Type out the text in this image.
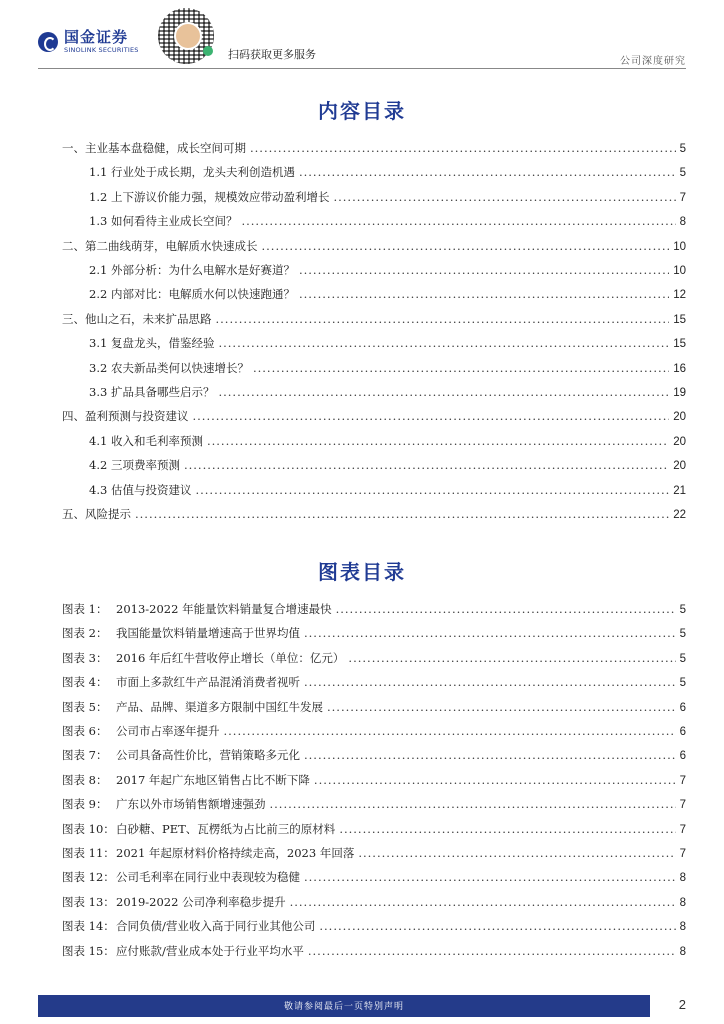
国金证券
SINOLINK SECURITIES	扫码获取更多服务
公司深度研究
内容目录
一、主业基本盘稳健，成长空间可期 .....	5
1.1 行业处于成长期，龙头夫利创造机遇 .....	5
1.2 上下游议价能力强，规模效应带动盈利增长 .....	7
1.3 如何看待主业成长空间？ .....	8
二、第二曲线萌芽，电解质水快速成长 .....	10
2.1 外部分析：为什么电解水是好赛道？ .....	10
2.2 内部对比：电解质水何以快速跑通？ .....	12
三、他山之石，未来扩品思路 .....	15
3.1 复盘龙头，借鉴经验 .....	15
3.2 农夫新品类何以快速增长？ .....	16
3.3 扩品具备哪些启示？ .....	19
四、盈利预测与投资建议 .....	20
4.1 收入和毛利率预测 .....	20
4.2 三项费率预测 .....	20
4.3 估值与投资建议 .....	21
五、风险提示 .....	22
图表目录
图表 1： 2013-2022 年能量饮料销量复合增速最快 .....	5
图表 2： 我国能量饮料销量增速高于世界均值 .....	5
图表 3： 2016 年后红牛营收停止增长（单位：亿元） .....	5
图表 4： 市面上多款红牛产品混淆消费者视听 .....	5
图表 5： 产品、品牌、渠道多方限制中国红牛发展 .....	6
图表 6： 公司市占率逐年提升 .....	6
图表 7： 公司具备高性价比，营销策略多元化 .....	6
图表 8： 2017 年起广东地区销售占比不断下降 .....	7
图表 9： 广东以外市场销售额增速强劲 .....	7
图表 10： 白砂糖、PET、瓦楞纸为占比前三的原材料 .....	7
图表 11： 2021 年起原材料价格持续走高，2023 年回落 .....	7
图表 12： 公司毛利率在同行业中表现较为稳健 .....	8
图表 13： 2019-2022 公司净利率稳步提升 .....	8
图表 14： 合同负债/营业收入高于同行业其他公司 .....	8
图表 15： 应付账款/营业成本处于行业平均水平 .....	8
敬请参阅最后一页特别声明	2
